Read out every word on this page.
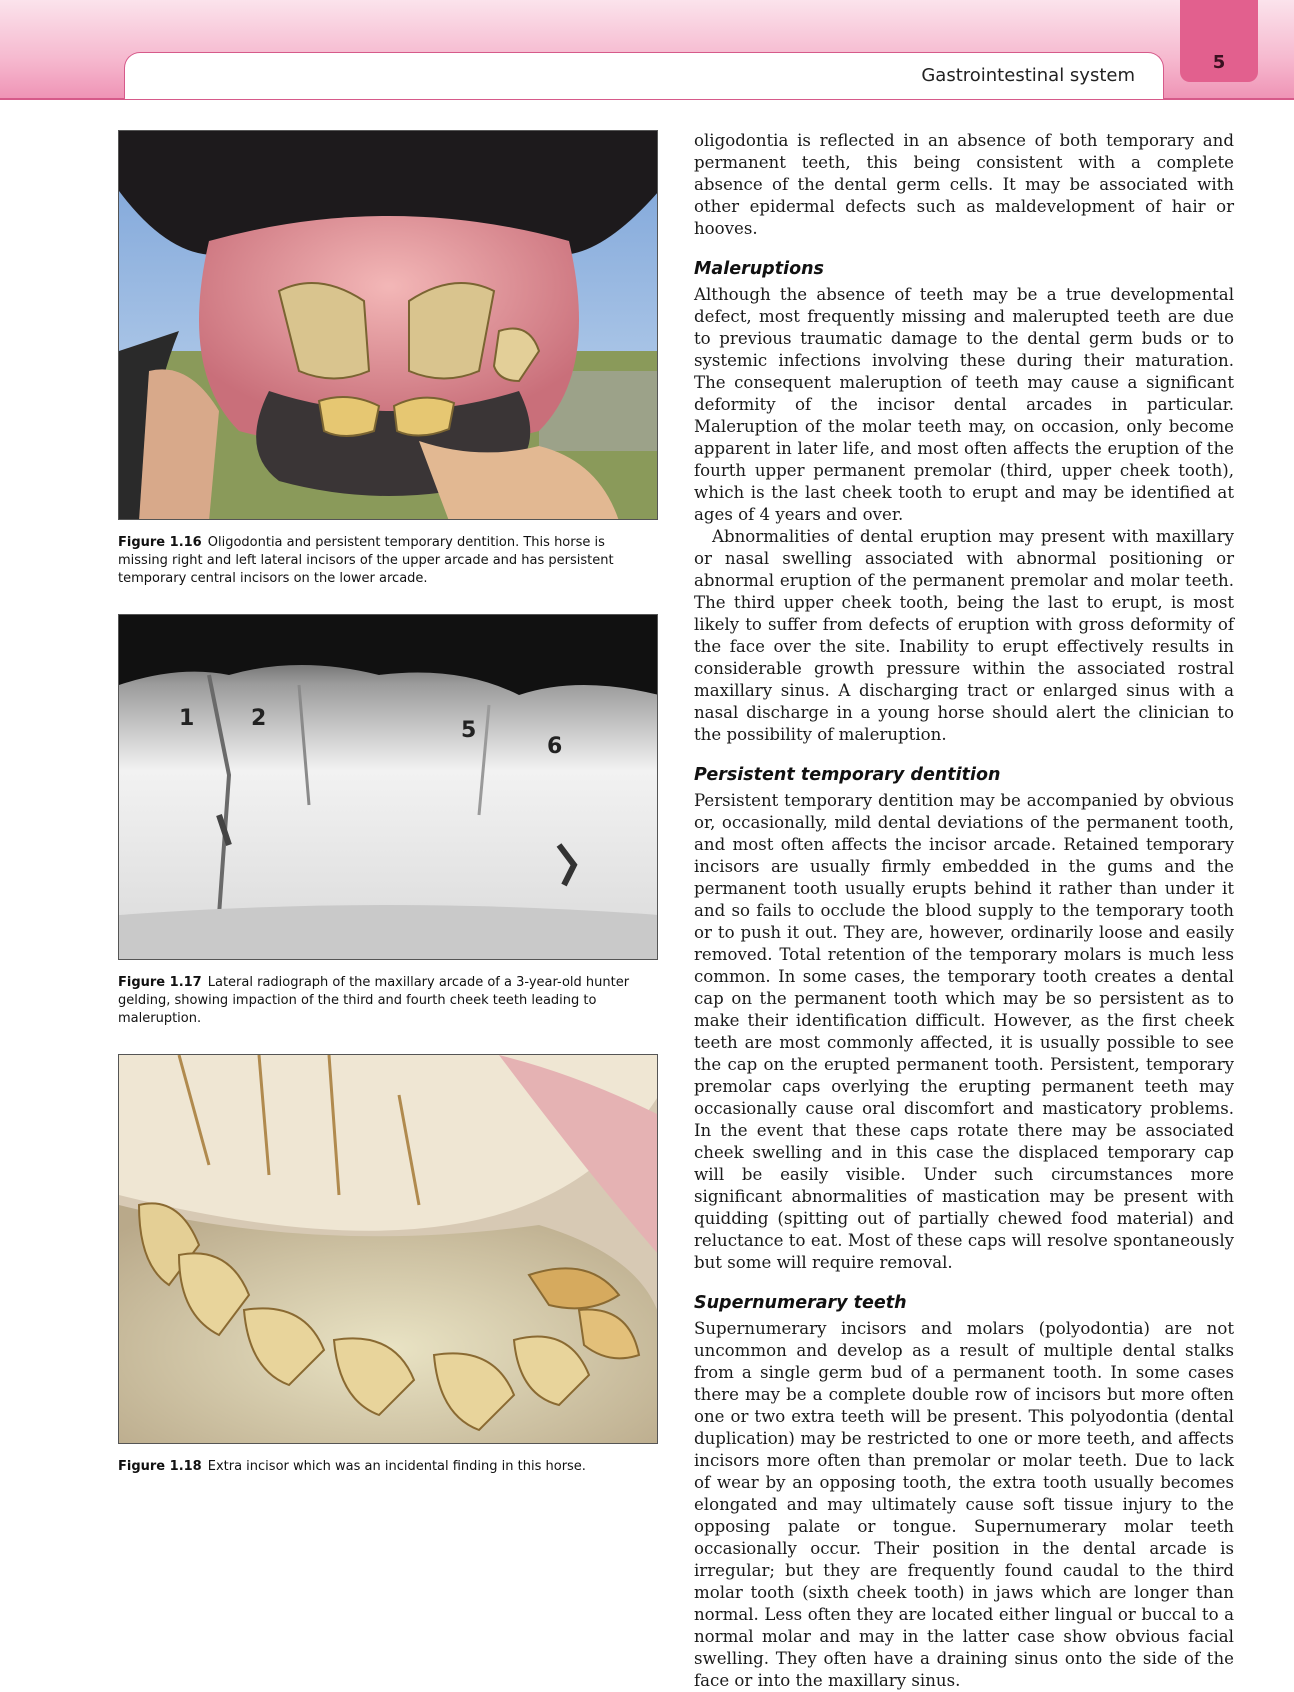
Gastrointestinal system
5
Figure 1.16 Oligodontia and persistent temporary dentition. This horse is missing right and left lateral incisors of the upper arcade and has persistent temporary central incisors on the lower arcade.
1	2	5
6
Figure 1.17 Lateral radiograph of the maxillary arcade of a 3-year-old hunter gelding, showing impaction of the third and fourth cheek teeth leading to maleruption.
Figure 1.18 Extra incisor which was an incidental finding in this horse.

oligodontia is reflected in an absence of both temporary and permanent teeth, this being consistent with a complete absence of the dental germ cells. It may be associated with other epidermal defects such as maldevelopment of hair or hooves.

Maleruptions

Although the absence of teeth may be a true developmental defect, most frequently missing and malerupted teeth are due to previous traumatic damage to the dental germ buds or to systemic infections involving these during their maturation. The consequent maleruption of teeth may cause a significant deformity of the incisor dental arcades in particular. Maleruption of the molar teeth may, on occasion, only become apparent in later life, and most often affects the eruption of the fourth upper permanent premolar (third, upper cheek tooth), which is the last cheek tooth to erupt and may be identified at ages of 4 years and over.

Abnormalities of dental eruption may present with maxillary or nasal swelling associated with abnormal positioning or abnormal eruption of the permanent premolar and molar teeth. The third upper cheek tooth, being the last to erupt, is most likely to suffer from defects of eruption with gross deformity of the face over the site. Inability to erupt effectively results in considerable growth pressure within the associated rostral maxillary sinus. A discharging tract or enlarged sinus with a nasal discharge in a young horse should alert the clinician to the possibility of maleruption.

Persistent temporary dentition

Persistent temporary dentition may be accompanied by obvious or, occasionally, mild dental deviations of the permanent tooth, and most often affects the incisor arcade. Retained temporary incisors are usually firmly embedded in the gums and the permanent tooth usually erupts behind it rather than under it and so fails to occlude the blood supply to the temporary tooth or to push it out. They are, however, ordinarily loose and easily removed. Total retention of the temporary molars is much less common. In some cases, the temporary tooth creates a dental cap on the permanent tooth which may be so persistent as to make their identification difficult. However, as the first cheek teeth are most commonly affected, it is usually possible to see the cap on the erupted permanent tooth. Persistent, temporary premolar caps overlying the erupting permanent teeth may occasionally cause oral discomfort and masticatory problems. In the event that these caps rotate there may be associated cheek swelling and in this case the displaced temporary cap will be easily visible. Under such circumstances more significant abnormalities of mastication may be present with quidding (spitting out of partially chewed food material) and reluctance to eat. Most of these caps will resolve spontaneously but some will require removal.

Supernumerary teeth

Supernumerary incisors and molars (polyodontia) are not uncommon and develop as a result of multiple dental stalks from a single germ bud of a permanent tooth. In some cases there may be a complete double row of incisors but more often one or two extra teeth will be present. This polyodontia (dental duplication) may be restricted to one or more teeth, and affects incisors more often than premolar or molar teeth. Due to lack of wear by an opposing tooth, the extra tooth usually becomes elongated and may ultimately cause soft tissue injury to the opposing palate or tongue. Supernumerary molar teeth occasionally occur. Their position in the dental arcade is irregular; but they are frequently found caudal to the third molar tooth (sixth cheek tooth) in jaws which are longer than normal. Less often they are located either lingual or buccal to a normal molar and may in the latter case show obvious facial swelling. They often have a draining sinus onto the side of the face or into the maxillary sinus.
